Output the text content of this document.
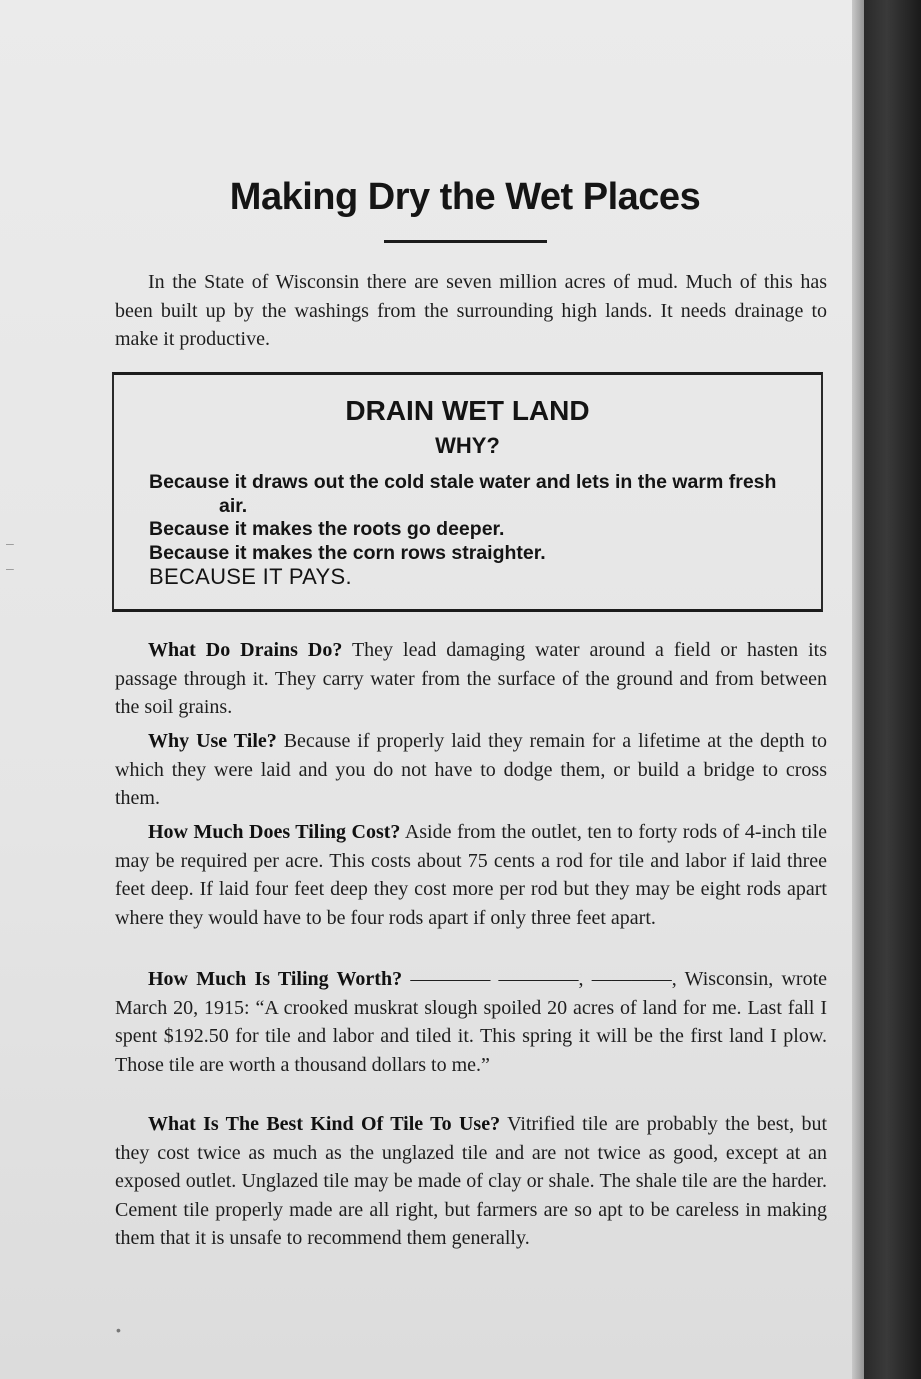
Making Dry the Wet Places

In the State of Wisconsin there are seven million acres of mud. Much of this has been built up by the washings from the surrounding high lands. It needs drainage to make it productive.

DRAIN WET LAND
WHY?
Because it draws out the cold stale water and lets in the warm fresh air.
Because it makes the roots go deeper.
Because it makes the corn rows straighter.
BECAUSE IT PAYS.

What Do Drains Do? They lead damaging water around a field or hasten its passage through it. They carry water from the surface of the ground and from between the soil grains.

Why Use Tile? Because if properly laid they remain for a lifetime at the depth to which they were laid and you do not have to dodge them, or build a bridge to cross them.

How Much Does Tiling Cost? Aside from the outlet, ten to forty rods of 4-inch tile may be required per acre. This costs about 75 cents a rod for tile and labor if laid three feet deep. If laid four feet deep they cost more per rod but they may be eight rods apart where they would have to be four rods apart if only three feet apart.

How Much Is Tiling Worth? ———— ————, ————, Wisconsin, wrote March 20, 1915: “A crooked muskrat slough spoiled 20 acres of land for me. Last fall I spent $192.50 for tile and labor and tiled it. This spring it will be the first land I plow. Those tile are worth a thousand dollars to me.”

What Is The Best Kind Of Tile To Use? Vitrified tile are probably the best, but they cost twice as much as the unglazed tile and are not twice as good, except at an exposed outlet. Unglazed tile may be made of clay or shale. The shale tile are the harder. Cement tile properly made are all right, but farmers are so apt to be careless in making them that it is unsafe to recommend them generally.

•
–
–
